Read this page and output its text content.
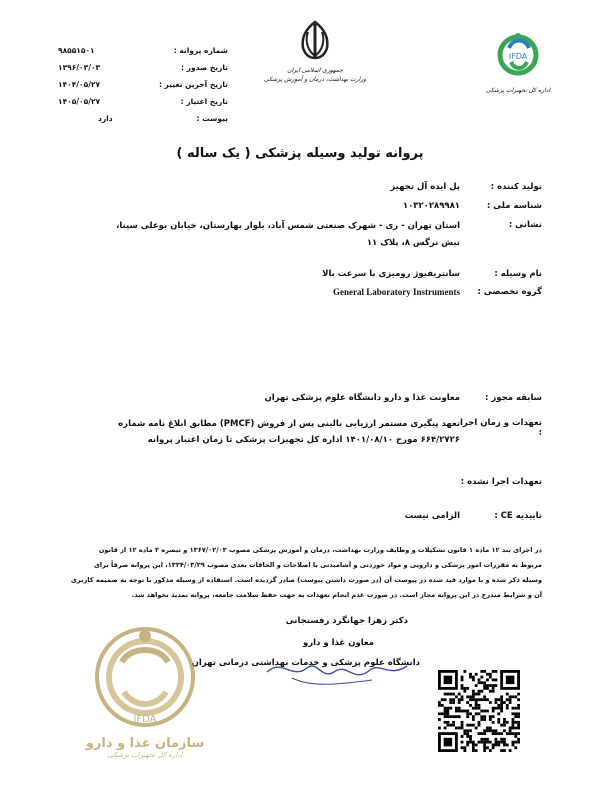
شماره پروانه :
۹۸۵۵۱۵۰۱
تاریخ صدور :
۱۳۹۶/۰۳/۰۳
تاریخ آخرین تغییر :
۱۴۰۴/۰۵/۲۷
تاریخ اعتبار :
۱۴۰۵/۰۵/۲۷
پیوست :
دارد
جمهوری اسلامی ایران
وزارت بهداشت، درمان و آموزش پزشکی
IFDA
اداره کل تجهیزات پزشکی
پروانه تولید وسیله پزشکی ( یک ساله )
تولید کننده :
پل ایده آل تجهیز
شناسه ملی :
۱۰۳۲۰۲۸۹۹۸۱
نشانی :
استان تهران - ری - شهرک صنعتی شمس آباد، بلوار بهارستان، خیابان بوعلی سینا،
نبش نرگس ۸، پلاک ۱۱
نام وسیله :
سانتریفیوژ رومیزی با سرعت بالا
گروه تخصصی :
General Laboratory Instruments
سابقه مجوز :
معاونت غذا و دارو دانشگاه علوم پزشکی تهران
تعهدات و زمان اجرا :
تعهد پیگیری مستمر ارزیابی بالینی پس از فروش (PMCF) مطابق ابلاغ نامه شماره
۶۶۴/۲۷۲۶ مورخ ۱۴۰۱/۰۸/۱۰ اداره کل تجهیزات پزشکی تا زمان اعتبار پروانه
تعهدات اجرا نشده :
تاییدیه CE :
الزامی نیست
در اجرای بند ۱۲ ماده ۱ قانون تشکیلات و وظایف وزارت بهداشت، درمان و آموزش پزشکی مصوب ۱۳۶۷/۰۲/۰۳ و تبصره ۲ ماده ۱۲ از قانون
مربوط به مقررات امور پزشکی و دارویی و مواد خوردنی و آشامیدنی با اصلاحات و الحاقات بعدی مصوب ۱۳۳۴/۰۳/۲۹، این پروانه صرفاً برای
وسیله ذکر شده و با موارد قید شده در پیوست آن (در صورت داشتن پیوست) صادر گردیده است. استفاده از وسیله مذکور با توجه به ضمیمه کاربری
آن و شرایط مندرج در این پروانه مجاز است. در صورت عدم انجام تعهدات به جهت حفظ سلامت جامعه، پروانه تمدید نخواهد شد.
دکتر زهرا جهانگرد رفسنجانی
معاون غذا و دارو
دانشگاه علوم پزشکی و خدمات بهداشتی درمانی تهران
IFDA
سازمان غذا و دارو
اداره کل تجهیزات پزشکی
